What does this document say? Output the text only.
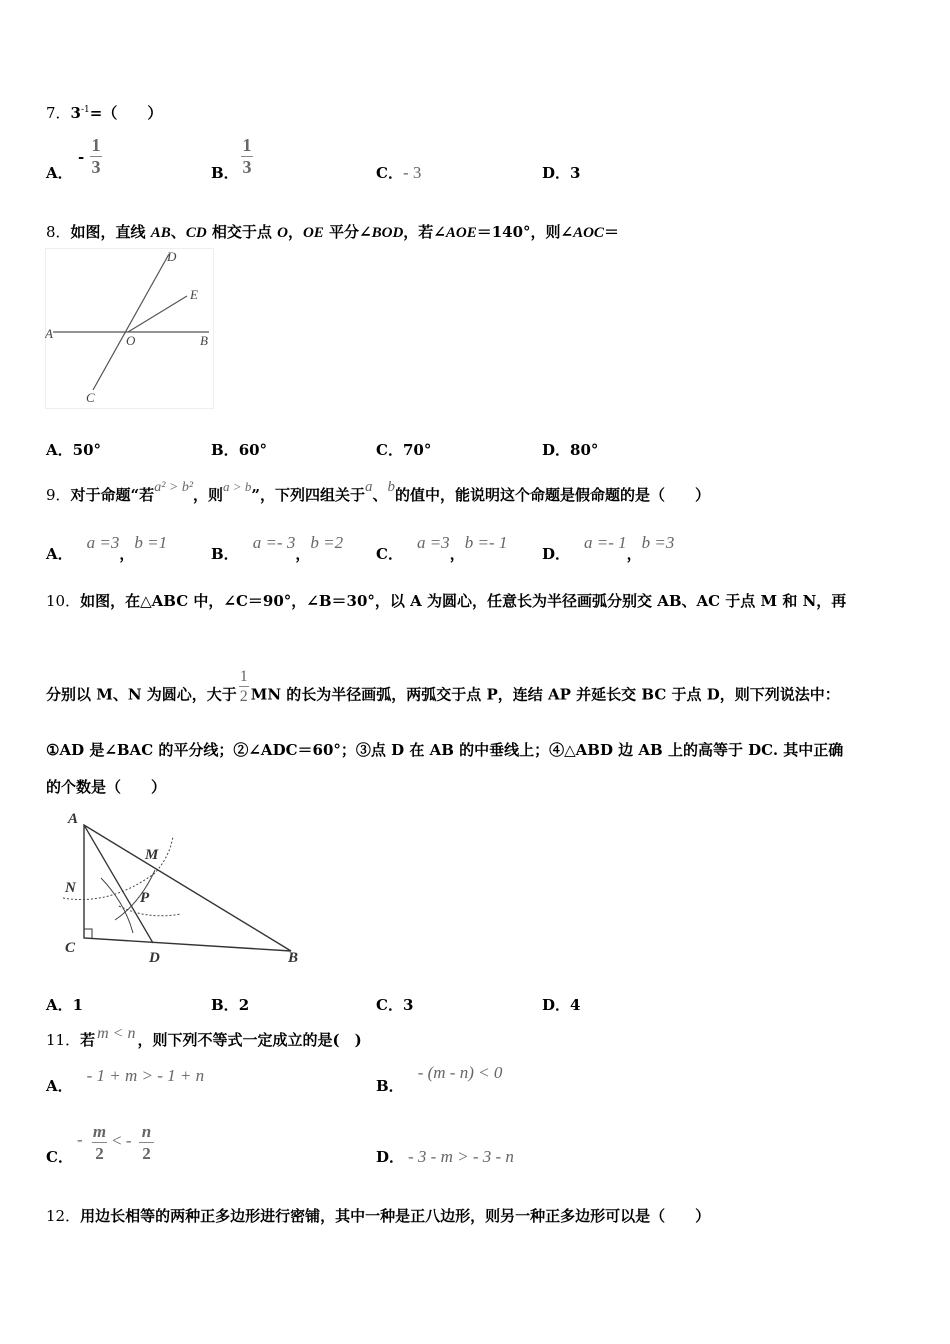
7．$3^{-1}=$（　　）
A．
-
1
3	B．
1
3	C．- 3	D．3
8．如图，直线 AB、CD 相交于点 O，OE 平分∠BOD，若∠AOE＝140°，则∠AOC＝
D
E
A	O	B
C
A．50°	B．60°	C．70°	D．80°
9．对于命题“若a² > b²，则a > b”，下列四组关于a、b的值中，能说明这个命题是假命题的是（　　）
A．a =3，b =1
B．a =- 3，b =2
C．a =3，b =- 1
D．a =- 1，b =3
10．如图，在△ABC 中，∠C＝90°，∠B＝30°，以 A 为圆心，任意长为半径画弧分别交 AB、AC 于点 M 和 N，再
分别以 M、N 为圆心，大于 $\frac{1}{2}$ MN 的长为半径画弧，两弧交于点 P，连结 AP 并延长交 BC 于点 D，则下列说法中：
①AD 是∠BAC 的平分线；②∠ADC＝60°；③点 D 在 AB 的中垂线上；④△ABD 边 AB 上的高等于 DC. 其中正确
的个数是（　　）
A
M
N
P
C
D	B
A．1	B．2	C．3	D．4
11．若 m < n ，则下列不等式一定成立的是(　)
A．- 1 + m > - 1 + n
B．- (m - n) < 0
C．
- m
2
< - n
2	D． - 3 - m > - 3 - n
12．用边长相等的两种正多边形进行密铺，其中一种是正八边形，则另一种正多边形可以是（　　）
